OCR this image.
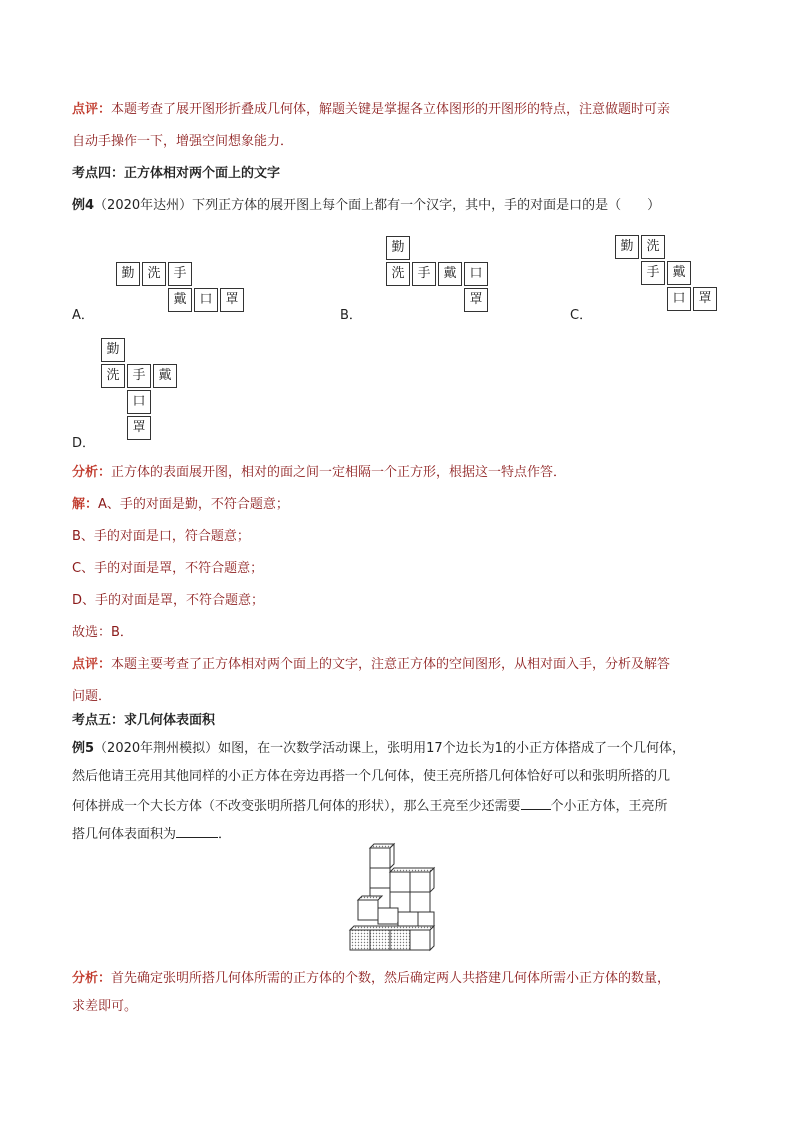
点评：本题考查了展开图形折叠成几何体，解题关键是掌握各立体图形的开图形的特点，注意做题时可亲
自动手操作一下，增强空间想象能力．
考点四：正方体相对两个面上的文字
例4（2020年达州）下列正方体的展开图上每个面上都有一个汉字，其中，手的对面是口的是（　　）
勤 洗 手
戴 口 罩
A．
勤
洗 手 戴 口
罩
B．
勤 洗
手 戴
口 罩
C．
勤
洗 手 戴
口
罩
D．
分析：正方体的表面展开图，相对的面之间一定相隔一个正方形，根据这一特点作答．
解：A、手的对面是勤，不符合题意；
B、手的对面是口，符合题意；
C、手的对面是罩，不符合题意；
D、手的对面是罩，不符合题意；
故选：B．
点评：本题主要考查了正方体相对两个面上的文字，注意正方体的空间图形，从相对面入手，分析及解答
问题．
考点五：求几何体表面积
例5（2020年荆州模拟）如图，在一次数学活动课上，张明用17个边长为1的小正方体搭成了一个几何体，
然后他请王亮用其他同样的小正方体在旁边再搭一个几何体，使王亮所搭几何体恰好可以和张明所搭的几
何体拼成一个大长方体（不改变张明所搭几何体的形状），那么王亮至少还需要 个小正方体，王亮所
搭几何体表面积为	．
分析：首先确定张明所搭几何体所需的正方体的个数，然后确定两人共搭建几何体所需小正方体的数量，
求差即可。
